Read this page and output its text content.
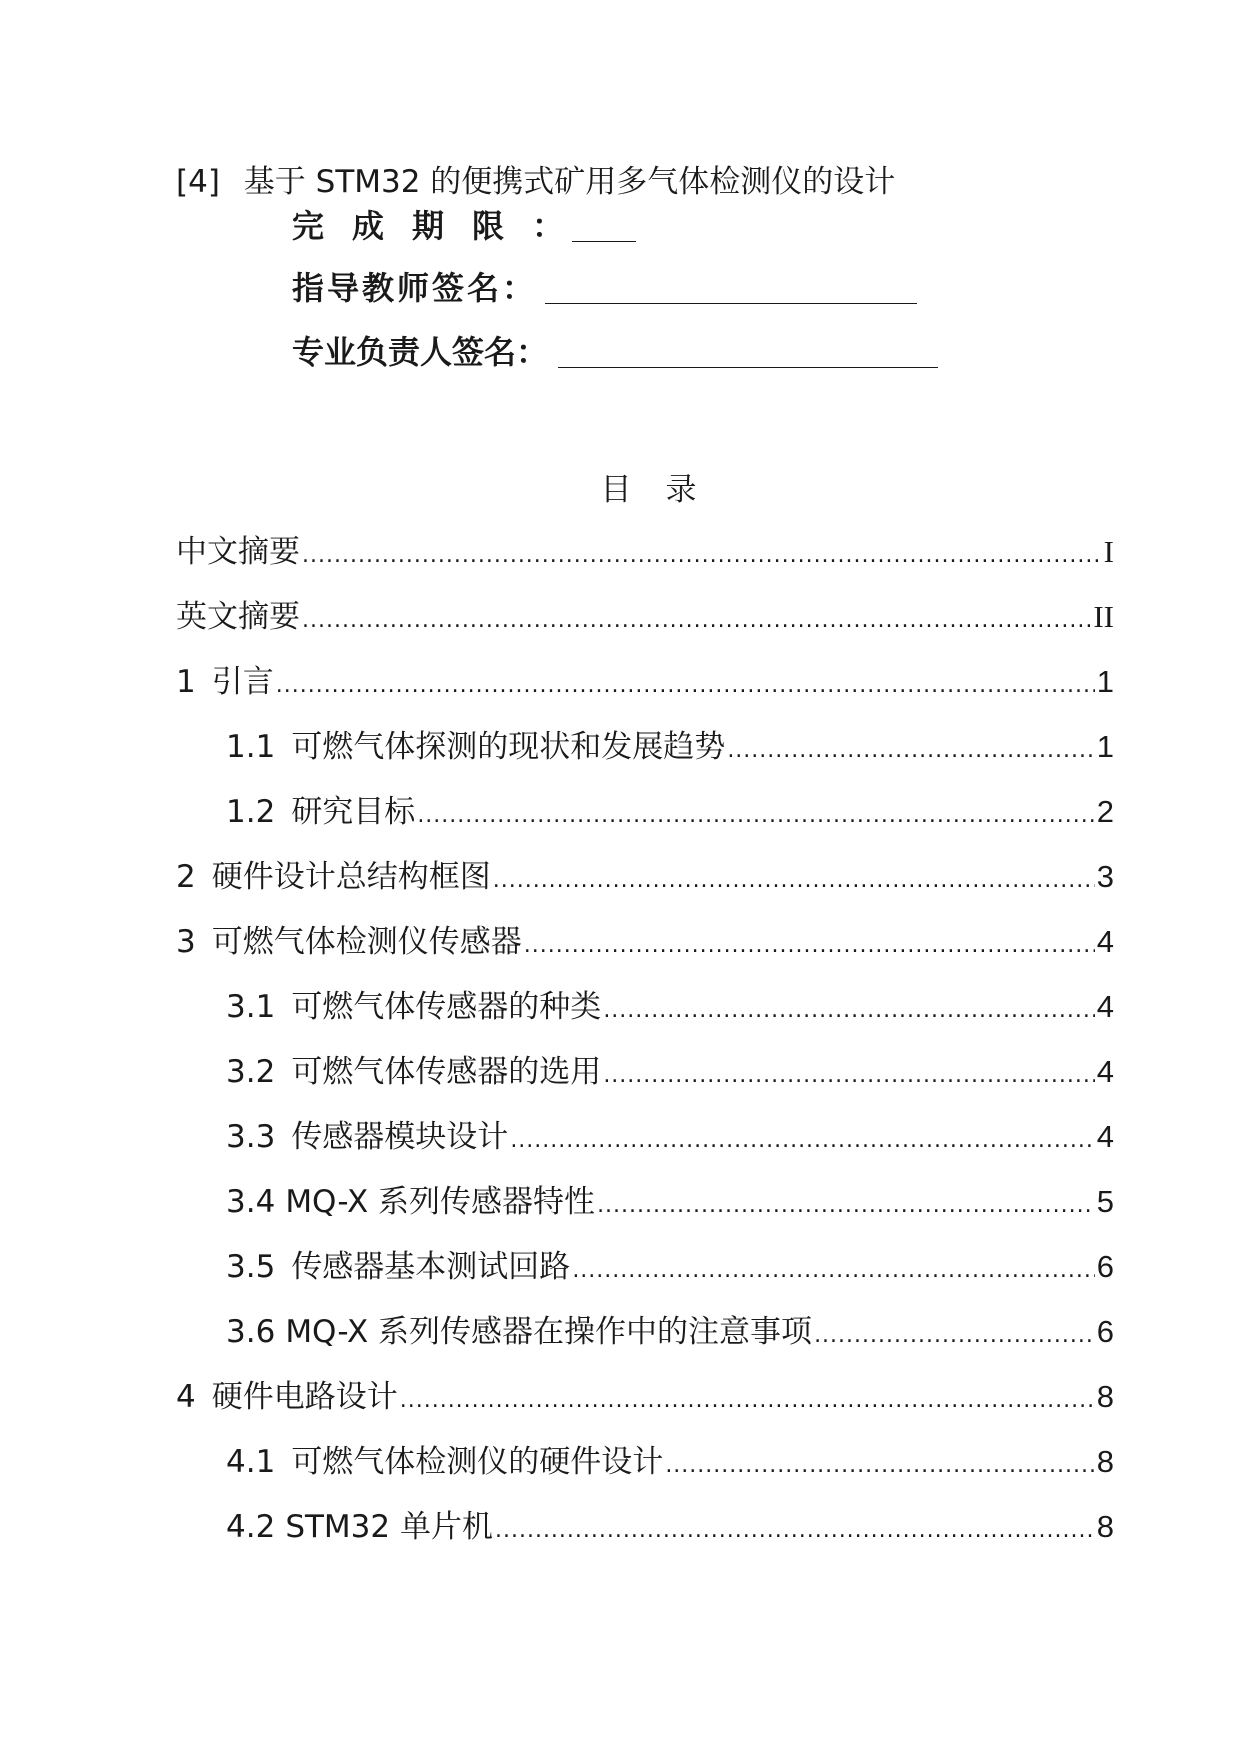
[4] 基于 STM32 的便携式矿用多气体检测仪的设计
完成期限：
指导教师签名：
专业负责人签名：
目录
中文摘要 .....	I
英文摘要 .....	II
1 引言 .....	1
1.1 可燃气体探测的现状和发展趋势 .....	1
1.2 研究目标 .....	2
2 硬件设计总结构框图 .....	3
3 可燃气体检测仪传感器 .....	4
3.1 可燃气体传感器的种类 .....	4
3.2 可燃气体传感器的选用 .....	4
3.3 传感器模块设计 .....	4
3.4 MQ-X 系列传感器特性 .....	5
3.5 传感器基本测试回路 .....	6
3.6 MQ-X 系列传感器在操作中的注意事项 .....	6
4 硬件电路设计 .....	8
4.1 可燃气体检测仪的硬件设计 .....	8
4.2 STM32 单片机 .....	8
